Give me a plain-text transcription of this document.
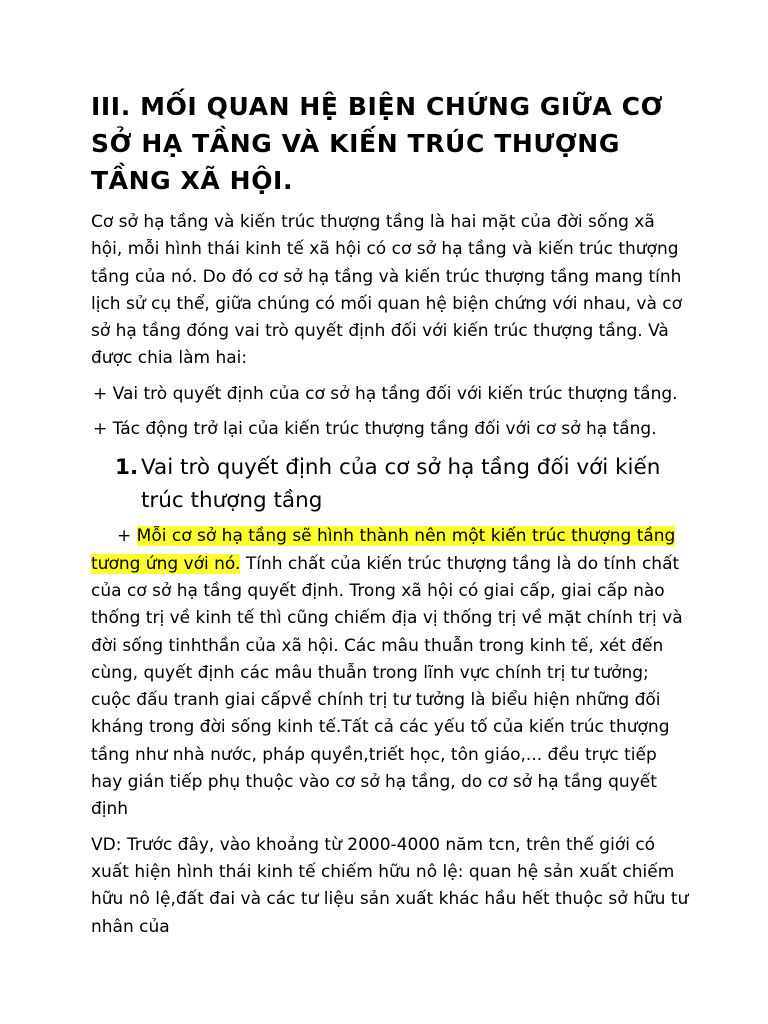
III. MỐI QUAN HỆ BIỆN CHỨNG GIỮA CƠ SỞ HẠ TẦNG VÀ KIẾN TRÚC THƯỢNG TẦNG XÃ HỘI.

Cơ sở hạ tầng và kiến trúc thượng tầng là hai mặt của đời sống xã hội, mỗi hình thái kinh tế xã hội có cơ sở hạ tầng và kiến trúc thượng tầng của nó. Do đó cơ sở hạ tầng và kiến trúc thượng tầng mang tính lịch sử cụ thể, giữa chúng có mối quan hệ biện chứng với nhau, và cơ sở hạ tầng đóng vai trò quyết định đối với kiến trúc thượng tầng. Và được chia làm hai:

+ Vai trò quyết định của cơ sở hạ tầng đối với kiến trúc thượng tầng.

+ Tác động trở lại của kiến trúc thượng tầng đối với cơ sở hạ tầng.

1. Vai trò quyết định của cơ sở hạ tầng đối với kiến trúc thượng tầng

+ Mỗi cơ sở hạ tầng sẽ hình thành nên một kiến trúc thượng tầng tương ứng với nó. Tính chất của kiến trúc thượng tầng là do tính chất của cơ sở hạ tầng quyết định. Trong xã hội có giai cấp, giai cấp nào thống trị về kinh tế thì cũng chiếm địa vị thống trị về mặt chính trị và đời sống tinhthần của xã hội. Các mâu thuẫn trong kinh tế, xét đến cùng, quyết định các mâu thuẫn trong lĩnh vực chính trị tư tưởng; cuộc đấu tranh giai cấpvề chính trị tư tưởng là biểu hiện những đối kháng trong đời sống kinh tế.Tất cả các yếu tố của kiến trúc thượng tầng như nhà nước, pháp quyền,triết học, tôn giáo,... đều trực tiếp hay gián tiếp phụ thuộc vào cơ sở hạ tầng, do cơ sở hạ tầng quyết định

VD: Trước đây, vào khoảng từ 2000-4000 năm tcn, trên thế giới có xuất hiện hình thái kinh tế chiếm hữu nô lệ: quan hệ sản xuất chiếm hữu nô lệ,đất đai và các tư liệu sản xuất khác hầu hết thuộc sở hữu tư nhân của
